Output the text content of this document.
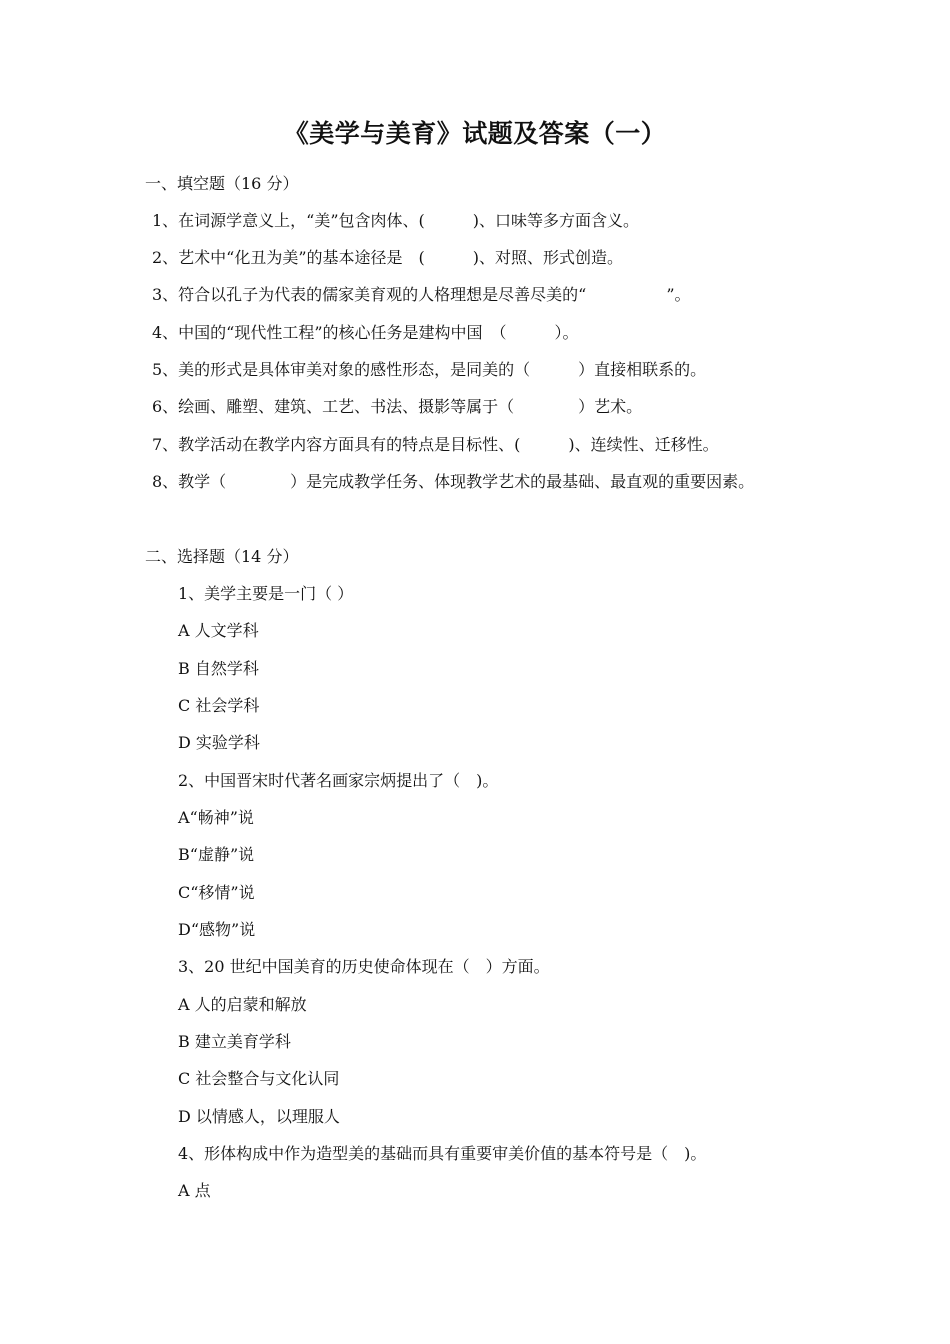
《美学与美育》试题及答案（一）
一、填空题（16 分）
1、在词源学意义上，“美”包含肉体、(　　　)、口味等多方面含义。
2、艺术中“化丑为美”的基本途径是　(　　　)、对照、形式创造。
3、符合以孔子为代表的儒家美育观的人格理想是尽善尽美的“　　　　　”。
4、中国的“现代性工程”的核心任务是建构中国　（　　　）。
5、美的形式是具体审美对象的感性形态，是同美的（　　　）直接相联系的。
6、绘画、雕塑、建筑、工艺、书法、摄影等属于（　　　　）艺术。
7、教学活动在教学内容方面具有的特点是目标性、(　　　)、连续性、迁移性。
8、教学（　　　　）是完成教学任务、体现教学艺术的最基础、最直观的重要因素。
二、选择题（14 分）
1、美学主要是一门（ ）
A 人文学科
B 自然学科
C 社会学科
D 实验学科
2、中国晋宋时代著名画家宗炳提出了（　)。
A“畅神”说
B“虚静”说
C“移情”说
D“感物”说
3、20 世纪中国美育的历史使命体现在（　）方面。
A 人的启蒙和解放
B 建立美育学科
C 社会整合与文化认同
D 以情感人，以理服人
4、形体构成中作为造型美的基础而具有重要审美价值的基本符号是（　)。
A 点
